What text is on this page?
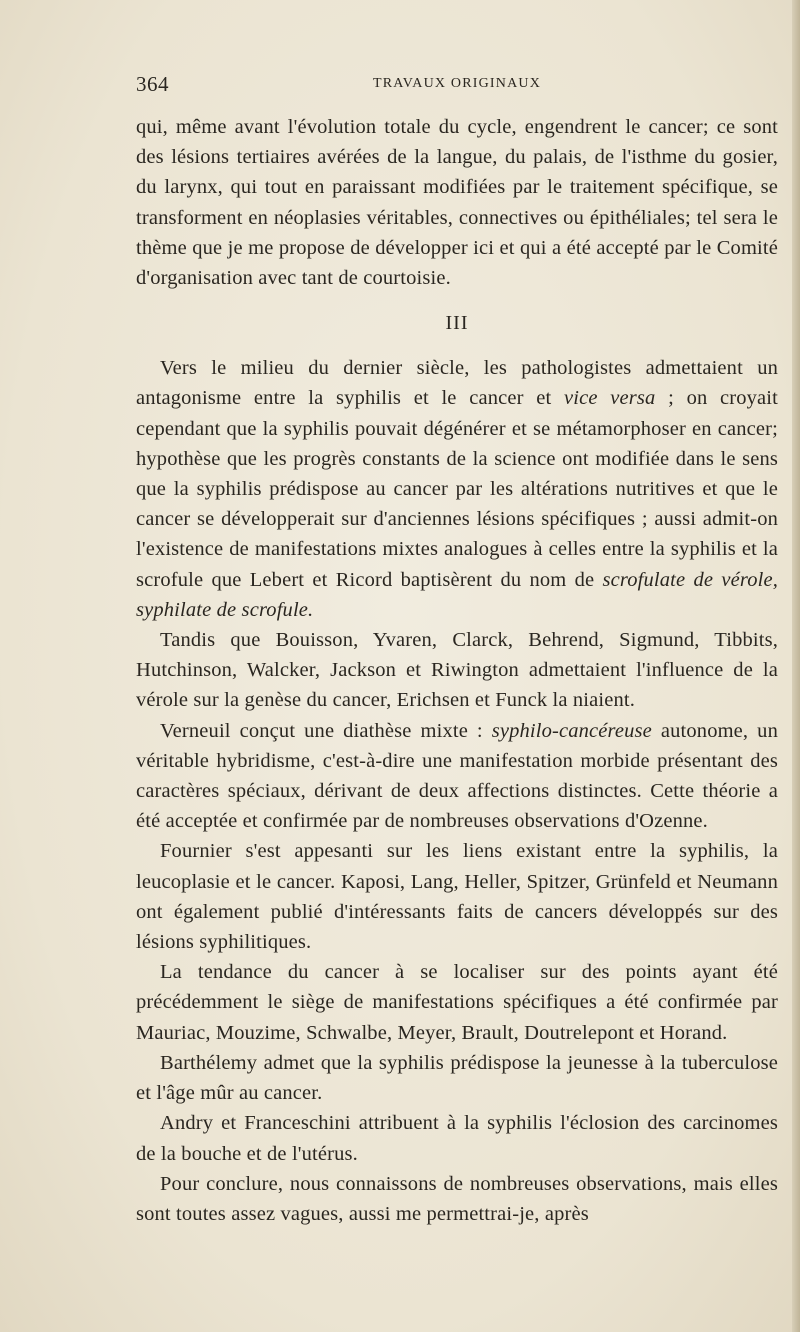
364	TRAVAUX ORIGINAUX

qui, même avant l'évolution totale du cycle, engendrent le cancer; ce sont des lésions tertiaires avérées de la langue, du palais, de l'isthme du gosier, du larynx, qui tout en paraissant modifiées par le traitement spécifique, se transforment en néoplasies véritables, connectives ou épithéliales; tel sera le thème que je me propose de développer ici et qui a été accepté par le Comité d'organisation avec tant de courtoisie.

III

Vers le milieu du dernier siècle, les pathologistes admettaient un antagonisme entre la syphilis et le cancer et vice versa ; on croyait cependant que la syphilis pouvait dégénérer et se métamorphoser en cancer; hypothèse que les progrès constants de la science ont modifiée dans le sens que la syphilis prédispose au cancer par les altérations nutritives et que le cancer se développerait sur d'anciennes lésions spécifiques ; aussi admit-on l'existence de manifestations mixtes analogues à celles entre la syphilis et la scrofule que Lebert et Ricord baptisèrent du nom de scrofulate de vérole, syphilate de scrofule.

Tandis que Bouisson, Yvaren, Clarck, Behrend, Sigmund, Tibbits, Hutchinson, Walcker, Jackson et Riwington admettaient l'influence de la vérole sur la genèse du cancer, Erichsen et Funck la niaient.

Verneuil conçut une diathèse mixte : syphilo-cancéreuse autonome, un véritable hybridisme, c'est-à-dire une manifestation morbide présentant des caractères spéciaux, dérivant de deux affections distinctes. Cette théorie a été acceptée et confirmée par de nombreuses observations d'Ozenne.

Fournier s'est appesanti sur les liens existant entre la syphilis, la leucoplasie et le cancer. Kaposi, Lang, Heller, Spitzer, Grünfeld et Neumann ont également publié d'intéressants faits de cancers développés sur des lésions syphilitiques.

La tendance du cancer à se localiser sur des points ayant été précédemment le siège de manifestations spécifiques a été confirmée par Mauriac, Mouzime, Schwalbe, Meyer, Brault, Doutrelepont et Horand.

Barthélemy admet que la syphilis prédispose la jeunesse à la tuberculose et l'âge mûr au cancer.

Andry et Franceschini attribuent à la syphilis l'éclosion des carcinomes de la bouche et de l'utérus.

Pour conclure, nous connaissons de nombreuses observations, mais elles sont toutes assez vagues, aussi me permettrai-je, après
